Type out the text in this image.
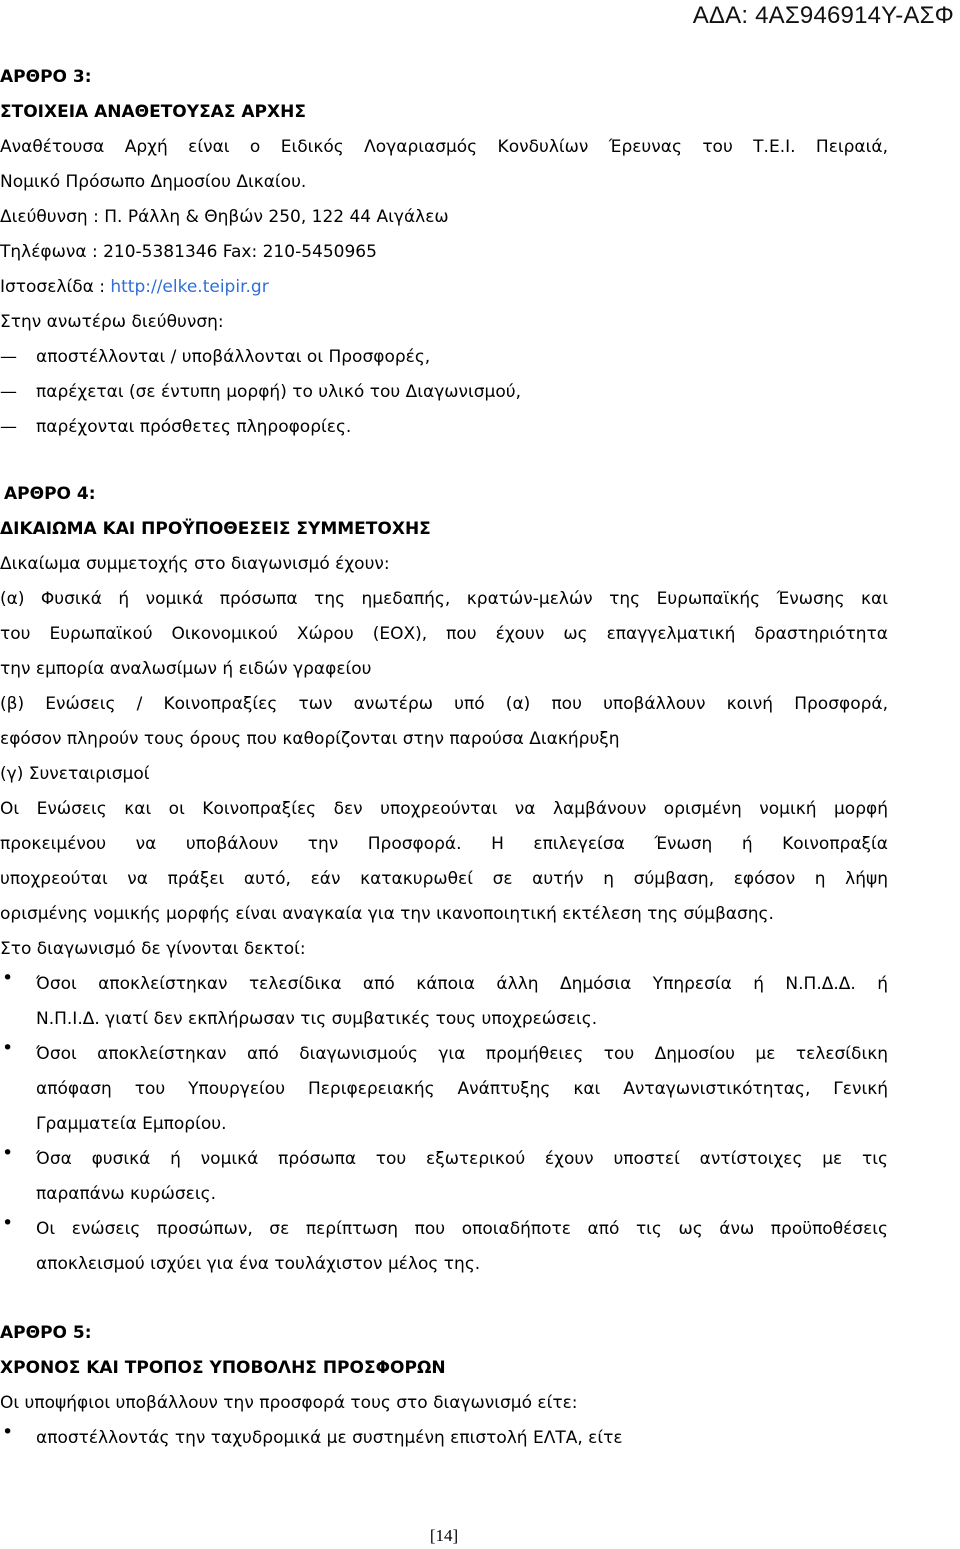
ΑΔΑ: 4ΑΣ946914Υ-ΑΣΦ
ΑΡΘΡΟ 3:
ΣΤΟΙΧΕΙΑ ΑΝΑΘΕΤΟΥΣΑΣ ΑΡΧΗΣ
Αναθέτουσα Αρχή είναι ο Ειδικός Λογαριασμός Κονδυλίων Έρευνας του Τ.Ε.Ι. Πειραιά,
Νομικό Πρόσωπο Δημοσίου Δικαίου.
Διεύθυνση : Π. Ράλλη & Θηβών 250, 122 44 Αιγάλεω
Τηλέφωνα : 210-5381346 Fax: 210-5450965
Ιστοσελίδα : http://elke.teipir.gr
Στην ανωτέρω διεύθυνση:
—	αποστέλλονται / υποβάλλονται οι Προσφορές,
—	παρέχεται (σε έντυπη μορφή) το υλικό του Διαγωνισμού,
—	παρέχονται πρόσθετες πληροφορίες.
ΑΡΘΡΟ 4:
ΔΙΚΑΙΩΜΑ ΚΑΙ ΠΡΟΫΠΟΘΕΣΕΙΣ ΣΥΜΜΕΤΟΧΗΣ
Δικαίωμα συμμετοχής στο διαγωνισμό έχουν:
(α) Φυσικά ή νομικά πρόσωπα της ημεδαπής, κρατών-μελών της Ευρωπαϊκής Ένωσης και
του Ευρωπαϊκού Οικονομικού Χώρου (ΕΟΧ), που έχουν ως επαγγελματική δραστηριότητα
την εμπορία αναλωσίμων ή ειδών γραφείου
(β) Ενώσεις / Κοινοπραξίες των ανωτέρω υπό (α) που υποβάλλουν κοινή Προσφορά,
εφόσον πληρούν τους όρους που καθορίζονται στην παρούσα Διακήρυξη
(γ) Συνεταιρισμοί
Οι Ενώσεις και οι Κοινοπραξίες δεν υποχρεούνται να λαμβάνουν ορισμένη νομική μορφή
προκειμένου να υποβάλουν την Προσφορά. Η επιλεγείσα Ένωση ή Κοινοπραξία
υποχρεούται να πράξει αυτό, εάν κατακυρωθεί σε αυτήν η σύμβαση, εφόσον η λήψη
ορισμένης νομικής μορφής είναι αναγκαία για την ικανοποιητική εκτέλεση της σύμβασης.
Στο διαγωνισμό δε γίνονται δεκτοί:
•	Όσοι αποκλείστηκαν τελεσίδικα από κάποια άλλη Δημόσια Υπηρεσία ή Ν.Π.Δ.Δ. ή
Ν.Π.Ι.Δ. γιατί δεν εκπλήρωσαν τις συμβατικές τους υποχρεώσεις.
•	Όσοι αποκλείστηκαν από διαγωνισμούς για προμήθειες του Δημοσίου με τελεσίδικη
απόφαση του Υπουργείου Περιφερειακής Ανάπτυξης και Ανταγωνιστικότητας, Γενική
Γραμματεία Εμπορίου.
•	Όσα φυσικά ή νομικά πρόσωπα του εξωτερικού έχουν υποστεί αντίστοιχες με τις
παραπάνω κυρώσεις.
•	Οι ενώσεις προσώπων, σε περίπτωση που οποιαδήποτε από τις ως άνω προϋποθέσεις
αποκλεισμού ισχύει για ένα τουλάχιστον μέλος της.
ΑΡΘΡΟ 5:
ΧΡΟΝΟΣ ΚΑΙ ΤΡΟΠΟΣ ΥΠΟΒΟΛΗΣ ΠΡΟΣΦΟΡΩΝ
Οι υποψήφιοι υποβάλλουν την προσφορά τους στο διαγωνισμό είτε:
•	αποστέλλοντάς την ταχυδρομικά με συστημένη επιστολή ΕΛΤΑ, είτε
[14]
